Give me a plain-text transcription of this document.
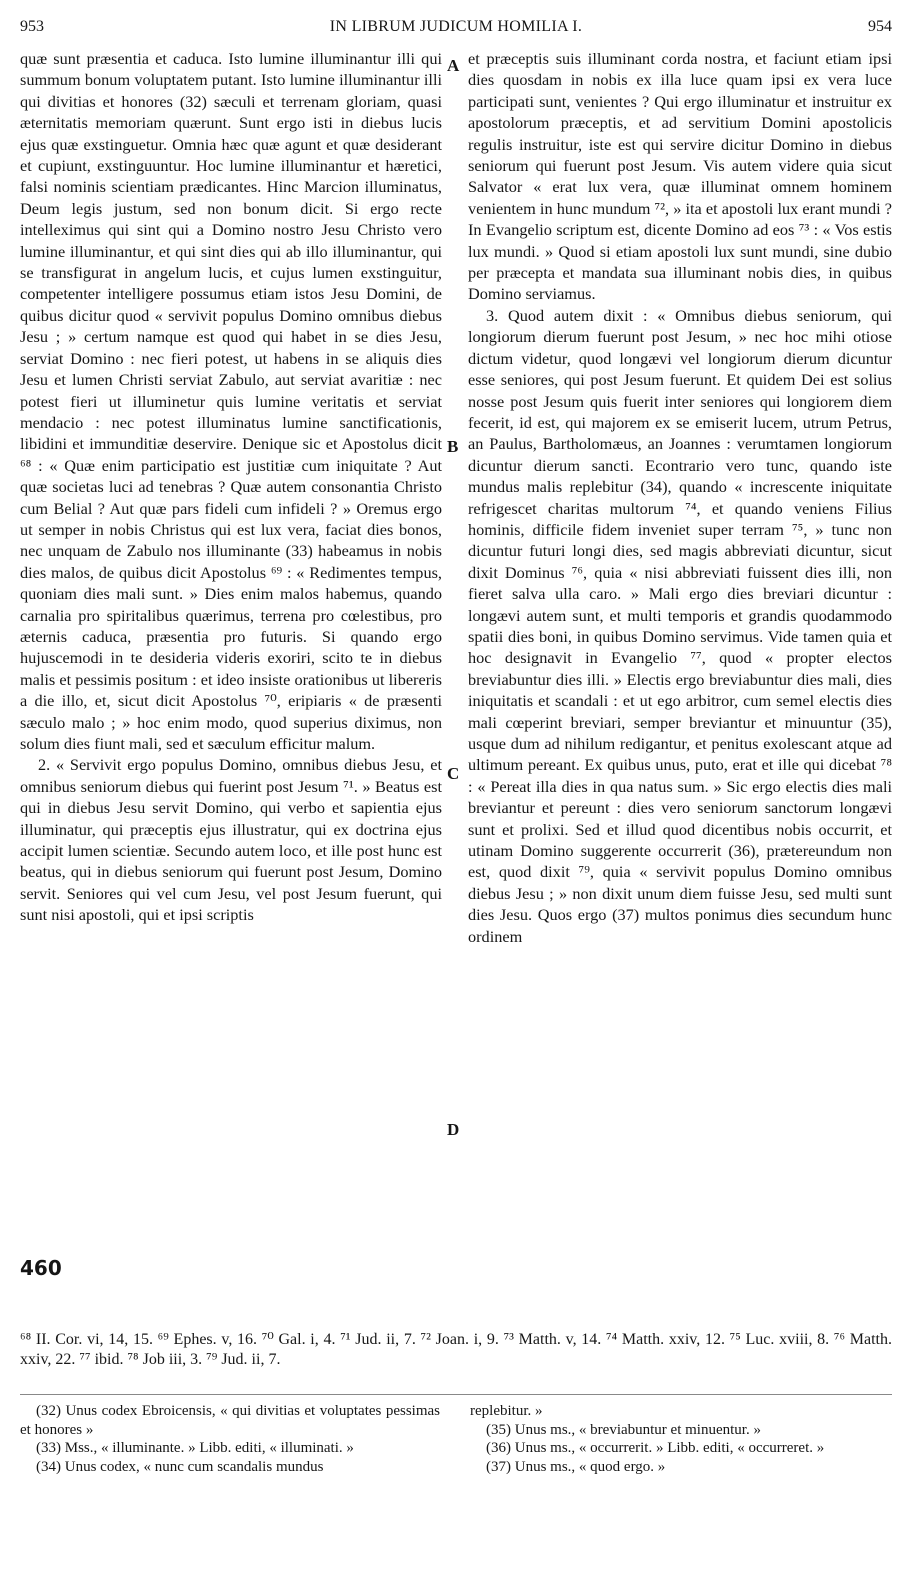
953	IN LIBRUM JUDICUM HOMILIA I.	954

quæ sunt præsentia et caduca. Isto lumine illuminantur illi qui summum bonum voluptatem putant. Isto lumine illuminantur illi qui divitias et honores (32) sæculi et terrenam gloriam, quasi æternitatis memoriam quærunt. Sunt ergo isti in diebus lucis ejus quæ exstinguetur. Omnia hæc quæ agunt et quæ desiderant et cupiunt, exstinguuntur. Hoc lumine illuminantur et hæretici, falsi nominis scientiam prædicantes. Hinc Marcion illuminatus, Deum legis justum, sed non bonum dicit. Si ergo recte intelleximus qui sint qui a Domino nostro Jesu Christo vero lumine illuminantur, et qui sint dies qui ab illo illuminantur, qui se transfigurat in angelum lucis, et cujus lumen exstinguitur, competenter intelligere possumus etiam istos Jesu Domini, de quibus dicitur quod « servivit populus Domino omnibus diebus Jesu ; » certum namque est quod qui habet in se dies Jesu, serviat Domino : nec fieri potest, ut habens in se aliquis dies Jesu et lumen Christi serviat Zabulo, aut serviat avaritiæ : nec potest fieri ut illuminetur quis lumine veritatis et serviat mendacio : nec potest illuminatus lumine sanctificationis, libidini et immunditiæ deservire. Denique sic et Apostolus dicit ⁶⁸ : « Quæ enim participatio est justitiæ cum iniquitate ? Aut quæ societas luci ad tenebras ? Quæ autem consonantia Christo cum Belial ? Aut quæ pars fideli cum infideli ? » Oremus ergo ut semper in nobis Christus qui est lux vera, faciat dies bonos, nec unquam de Zabulo nos illuminante (33) habeamus in nobis dies malos, de quibus dicit Apostolus ⁶⁹ : « Redimentes tempus, quoniam dies mali sunt. » Dies enim malos habemus, quando carnalia pro spiritalibus quærimus, terrena pro cœlestibus, pro æternis caduca, præsentia pro futuris. Si quando ergo hujuscemodi in te desideria videris exoriri, scito te in diebus malis et pessimis positum : et ideo insiste orationibus ut libereris a die illo, et, sicut dicit Apostolus ⁷⁰, eripiaris « de præsenti sæculo malo ; » hoc enim modo, quod superius diximus, non solum dies fiunt mali, sed et sæculum efficitur malum.

2. « Servivit ergo populus Domino, omnibus diebus Jesu, et omnibus seniorum diebus qui fuerint post Jesum ⁷¹. » Beatus est qui in diebus Jesu servit Domino, qui verbo et sapientia ejus illuminatur, qui præceptis ejus illustratur, qui ex doctrina ejus accipit lumen scientiæ. Secundo autem loco, et ille post hunc est beatus, qui in diebus seniorum qui fuerunt post Jesum, Domino servit. Seniores qui vel cum Jesu, vel post Jesum fuerunt, qui sunt nisi apostoli, qui et ipsi scriptis

et præceptis suis illuminant corda nostra, et faciunt etiam ipsi dies quosdam in nobis ex illa luce quam ipsi ex vera luce participati sunt, venientes ? Qui ergo illuminatur et instruitur ex apostolorum præceptis, et ad servitium Domini apostolicis regulis instruitur, iste est qui servire dicitur Domino in diebus seniorum qui fuerunt post Jesum. Vis autem videre quia sicut Salvator « erat lux vera, quæ illuminat omnem hominem venientem in hunc mundum ⁷², » ita et apostoli lux erant mundi ? In Evangelio scriptum est, dicente Domino ad eos ⁷³ : « Vos estis lux mundi. » Quod si etiam apostoli lux sunt mundi, sine dubio per præcepta et mandata sua illuminant nobis dies, in quibus Domino serviamus.

3. Quod autem dixit : « Omnibus diebus seniorum, qui longiorum dierum fuerunt post Jesum, » nec hoc mihi otiose dictum videtur, quod longævi vel longiorum dierum dicuntur esse seniores, qui post Jesum fuerunt. Et quidem Dei est solius nosse post Jesum quis fuerit inter seniores qui longiorem diem fecerit, id est, qui majorem ex se emiserit lucem, utrum Petrus, an Paulus, Bartholomæus, an Joannes : verumtamen longiorum dicuntur dierum sancti. Econtrario vero tunc, quando iste mundus malis replebitur (34), quando « increscente iniquitate refrigescet charitas multorum ⁷⁴, et quando veniens Filius hominis, difficile fidem inveniet super terram ⁷⁵, » tunc non dicuntur futuri longi dies, sed magis abbreviati dicuntur, sicut dixit Dominus ⁷⁶, quia « nisi abbreviati fuissent dies illi, non fieret salva ulla caro. » Mali ergo dies breviari dicuntur : longævi autem sunt, et multi temporis et grandis quodammodo spatii dies boni, in quibus Domino servimus. Vide tamen quia et hoc designavit in Evangelio ⁷⁷, quod « propter electos breviabuntur dies illi. » Electis ergo breviabuntur dies mali, dies iniquitatis et scandali : et ut ego arbitror, cum semel electis dies mali cœperint breviari, semper breviantur et minuuntur (35), usque dum ad nihilum redigantur, et penitus exolescant atque ad ultimum pereant. Ex quibus unus, puto, erat et ille qui dicebat ⁷⁸ : « Pereat illa dies in qua natus sum. » Sic ergo electis dies mali breviantur et pereunt : dies vero seniorum sanctorum longævi sunt et prolixi. Sed et illud quod dicentibus nobis occurrit, et utinam Domino suggerente occurrerit (36), prætereundum non est, quod dixit ⁷⁹, quia « servivit populus Domino omnibus diebus Jesu ; » non dixit unum diem fuisse Jesu, sed multi sunt dies Jesu. Quos ergo (37) multos ponimus dies secundum hunc ordinem

A
B
C
D
460
⁶⁸ II. Cor. vi, 14, 15. ⁶⁹ Ephes. v, 16. ⁷⁰ Gal. i, 4. ⁷¹ Jud. ii, 7. ⁷² Joan. i, 9. ⁷³ Matth. v, 14. ⁷⁴ Matth. xxiv, 12. ⁷⁵ Luc. xviii, 8. ⁷⁶ Matth. xxiv, 22. ⁷⁷ ibid. ⁷⁸ Job iii, 3. ⁷⁹ Jud. ii, 7.

(32) Unus codex Ebroicensis, « qui divitias et voluptates pessimas et honores »

(33) Mss., « illuminante. » Libb. editi, « illuminati. »

(34) Unus codex, « nunc cum scandalis mundus

replebitur. »

(35) Unus ms., « breviabuntur et minuentur. »

(36) Unus ms., « occurrerit. » Libb. editi, « occurreret. »

(37) Unus ms., « quod ergo. »
